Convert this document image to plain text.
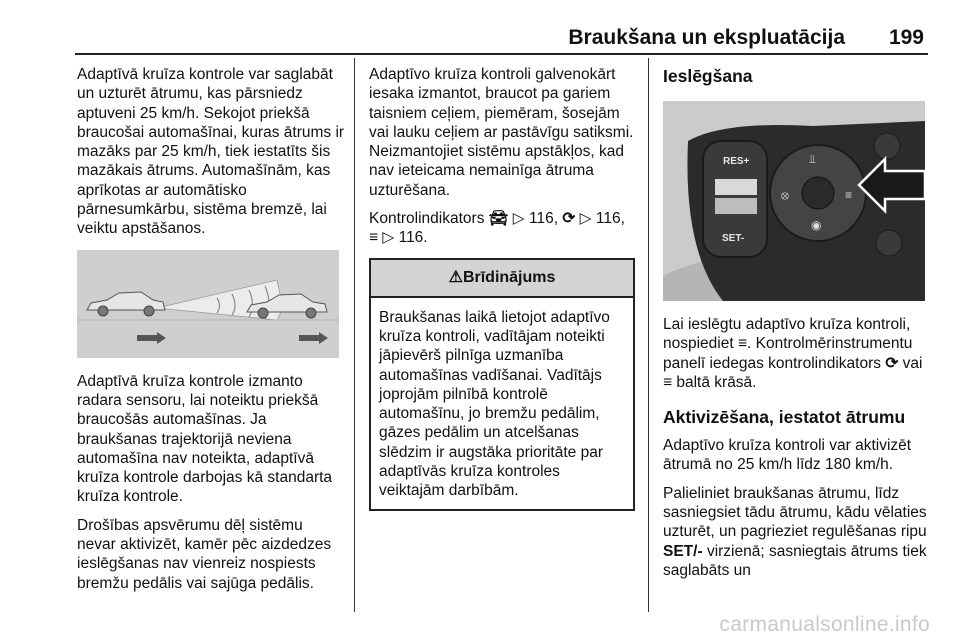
Braukšana un ekspluatācija	199

Adaptīvā kruīza kontrole var saglabāt un uzturēt ātrumu, kas pārsniedz aptuveni 25 km/h. Sekojot priekšā braucošai automašīnai, kuras ātrums ir mazāks par 25 km/h, tiek iestatīts šis mazākais ātrums. Automašīnām, kas aprīkotas ar automātisko pārnesumkārbu, sistēma bremzē, lai veiktu apstāšanos.

Adaptīvā kruīza kontrole izmanto radara sensoru, lai noteiktu priekšā braucošās automašīnas. Ja braukšanas trajektorijā neviena automašīna nav noteikta, adaptīvā kruīza kontrole darbojas kā standarta kruīza kontrole.

Drošības apsvērumu dēļ sistēmu nevar aktivizēt, kamēr pēc aizdedzes ieslēgšanas nav vienreiz nospiests bremžu pedālis vai sajūga pedālis.

Adaptīvo kruīza kontroli galvenokārt iesaka izmantot, braucot pa gariem taisniem ceļiem, piemēram, šosejām vai lauku ceļiem ar pastāvīgu satiksmi. Neizmantojiet sistēmu apstākļos, kad nav ieteicama nemainīga ātruma uzturēšana.

Kontrolindikators 🚘︎ ▷ 116, ⟳ ▷ 116,
≡ ▷ 116.

⚠Brīdinājums
Braukšanas laikā lietojot adaptīvo kruīza kontroli, vadītājam noteikti jāpievērš pilnīga uzmanība automašīnas vadīšanai. Vadītājs joprojām pilnībā kontrolē automašīnu, jo bremžu pedālim, gāzes pedālim un atcelšanas slēdzim ir augstāka prioritāte par adaptīvās kruīza kontroles veiktajām darbībām.
Ieslēgšana
RES+
SET-
⫫
⦻	≡
◉

Lai ieslēgtu adaptīvo kruīza kontroli, nospiediet ≡. Kontrolmērinstrumentu panelī iedegas kontrolindikators ⟳ vai
≡ baltā krāsā.

Aktivizēšana, iestatot ātrumu

Adaptīvo kruīza kontroli var aktivizēt ātrumā no 25 km/h līdz 180 km/h.

Palieliniet braukšanas ātrumu, līdz sasniegsiet tādu ātrumu, kādu vēlaties uzturēt, un pagrieziet regulēšanas ripu SET/- virzienā; sasniegtais ātrums tiek saglabāts un

carmanualsonline.info
